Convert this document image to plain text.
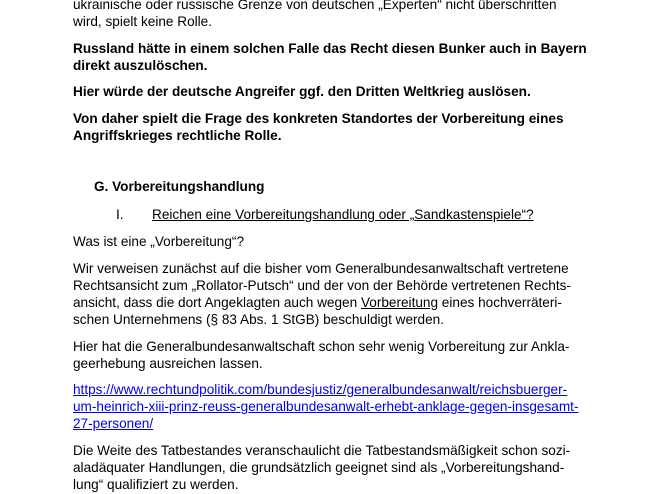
ukrainische oder russische Grenze von deutschen „Experten“ nicht überschritten
wird, spielt keine Rolle.
Russland hätte in einem solchen Falle das Recht diesen Bunker auch in Bayern
direkt auszulöschen.
Hier würde der deutsche Angreifer ggf. den Dritten Weltkrieg auslösen.
Von daher spielt die Frage des konkreten Standortes der Vorbereitung eines
Angriffskrieges rechtliche Rolle.
G. Vorbereitungshandlung
I. Reichen eine Vorbereitungshandlung oder „Sandkastenspiele“?
Was ist eine „Vorbereitung“?
Wir verweisen zunächst auf die bisher vom Generalbundesanwaltschaft vertretene
Rechtsansicht zum „Rollator-Putsch“ und der von der Behörde vertretenen Rechts-
ansicht, dass die dort Angeklagten auch wegen Vorbereitung eines hochverräteri-
schen Unternehmens (§ 83 Abs. 1 StGB) beschuldigt werden.
Hier hat die Generalbundesanwaltschaft schon sehr wenig Vorbereitung zur Ankla-
geerhebung ausreichen lassen.
https://www.rechtundpolitik.com/bundesjustiz/generalbundesanwalt/reichsbuerger-
um-heinrich-xiii-prinz-reuss-generalbundesanwalt-erhebt-anklage-gegen-insgesamt-
27-personen/
Die Weite des Tatbestandes veranschaulicht die Tatbestandsmäßigkeit schon sozi-
aladäquater Handlungen, die grundsätzlich geeignet sind als „Vorbereitungshand-
lung“ qualifiziert zu werden.
